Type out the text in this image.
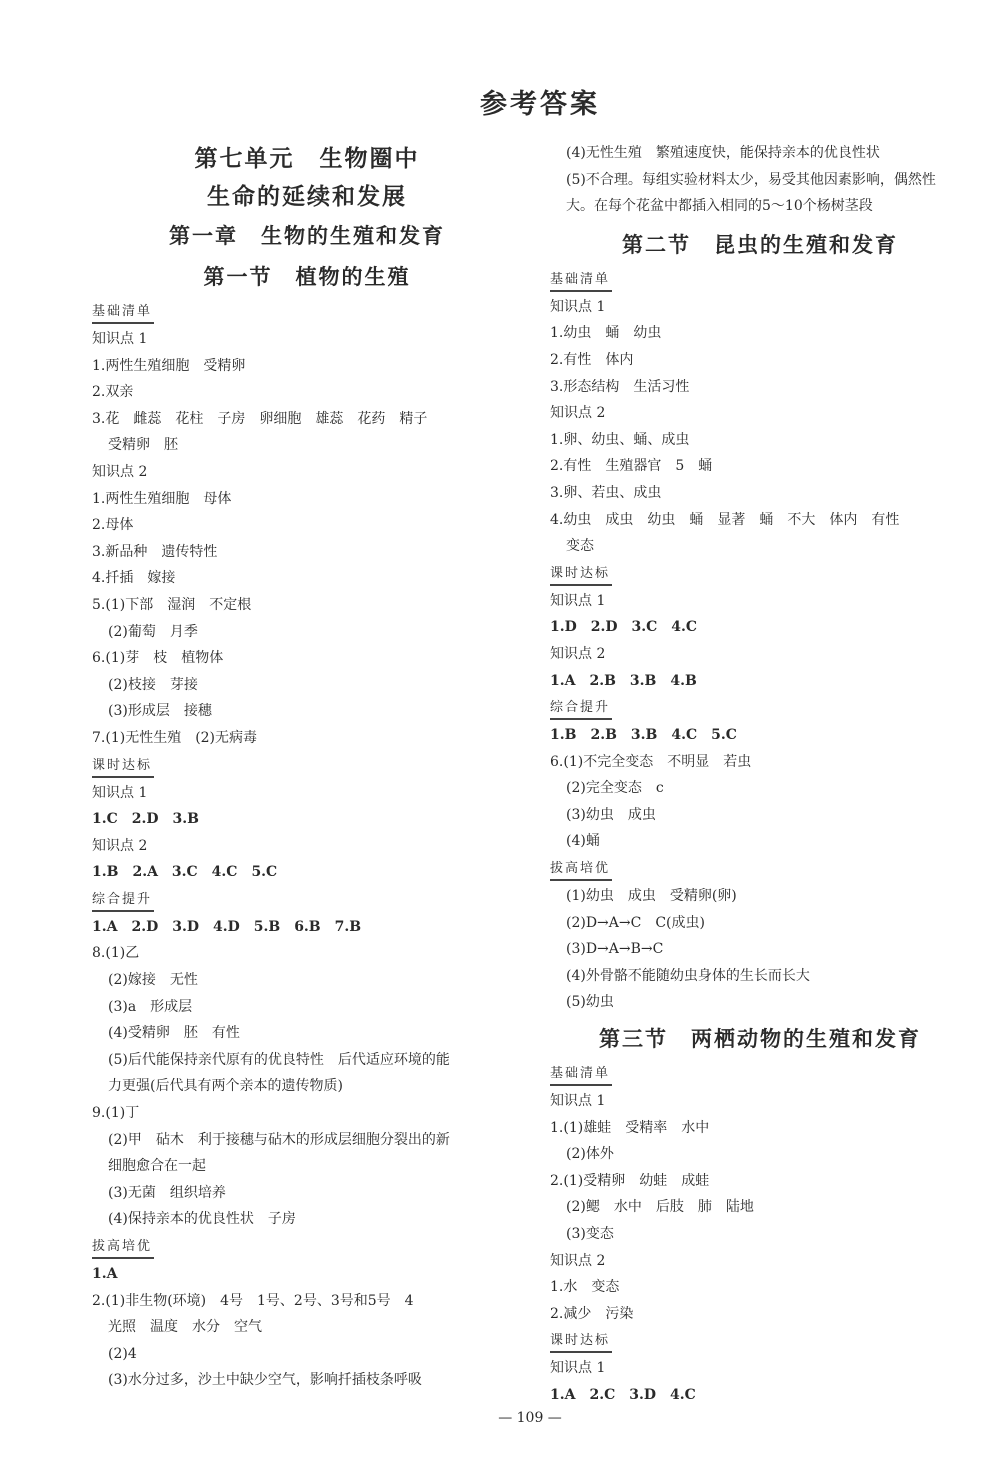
参考答案
第七单元　生物圈中
生命的延续和发展
第一章　生物的生殖和发育
第一节　植物的生殖
基础清单
知识点 1
1.两性生殖细胞　受精卵
2.双亲
3.花　雌蕊　花柱　子房　卵细胞　雄蕊　花药　精子
受精卵　胚
知识点 2
1.两性生殖细胞　母体
2.母体
3.新品种　遗传特性
4.扦插　嫁接
5.(1)下部　湿润　不定根
(2)葡萄　月季
6.(1)芽　枝　植物体
(2)枝接　芽接
(3)形成层　接穗
7.(1)无性生殖　(2)无病毒
课时达标
知识点 1
1.C　2.D　3.B
知识点 2
1.B　2.A　3.C　4.C　5.C
综合提升
1.A　2.D　3.D　4.D　5.B　6.B　7.B
8.(1)乙
(2)嫁接　无性
(3)a　形成层
(4)受精卵　胚　有性
(5)后代能保持亲代原有的优良特性　后代适应环境的能
力更强(后代具有两个亲本的遗传物质)
9.(1)丁
(2)甲　砧木　利于接穗与砧木的形成层细胞分裂出的新
细胞愈合在一起
(3)无菌　组织培养
(4)保持亲本的优良性状　子房
拔高培优
1.A
2.(1)非生物(环境)　4号　1号、2号、3号和5号　4
光照　温度　水分　空气
(2)4
(3)水分过多，沙土中缺少空气，影响扦插枝条呼吸
(4)无性生殖　繁殖速度快，能保持亲本的优良性状
(5)不合理。每组实验材料太少，易受其他因素影响，偶然性
大。在每个花盆中都插入相同的5～10个杨树茎段
第二节　昆虫的生殖和发育
基础清单
知识点 1
1.幼虫　蛹　幼虫
2.有性　体内
3.形态结构　生活习性
知识点 2
1.卵、幼虫、蛹、成虫
2.有性　生殖器官　5　蛹
3.卵、若虫、成虫
4.幼虫　成虫　幼虫　蛹　显著　蛹　不大　体内　有性
变态
课时达标
知识点 1
1.D　2.D　3.C　4.C
知识点 2
1.A　2.B　3.B　4.B
综合提升
1.B　2.B　3.B　4.C　5.C
6.(1)不完全变态　不明显　若虫
(2)完全变态　c
(3)幼虫　成虫
(4)蛹
拔高培优
(1)幼虫　成虫　受精卵(卵)
(2)D→A→C　C(成虫)
(3)D→A→B→C
(4)外骨骼不能随幼虫身体的生长而长大
(5)幼虫
第三节　两栖动物的生殖和发育
基础清单
知识点 1
1.(1)雄蛙　受精率　水中
(2)体外
2.(1)受精卵　幼蛙　成蛙
(2)鳃　水中　后肢　肺　陆地
(3)变态
知识点 2
1.水　变态
2.减少　污染
课时达标
知识点 1
1.A　2.C　3.D　4.C
— 109 —
